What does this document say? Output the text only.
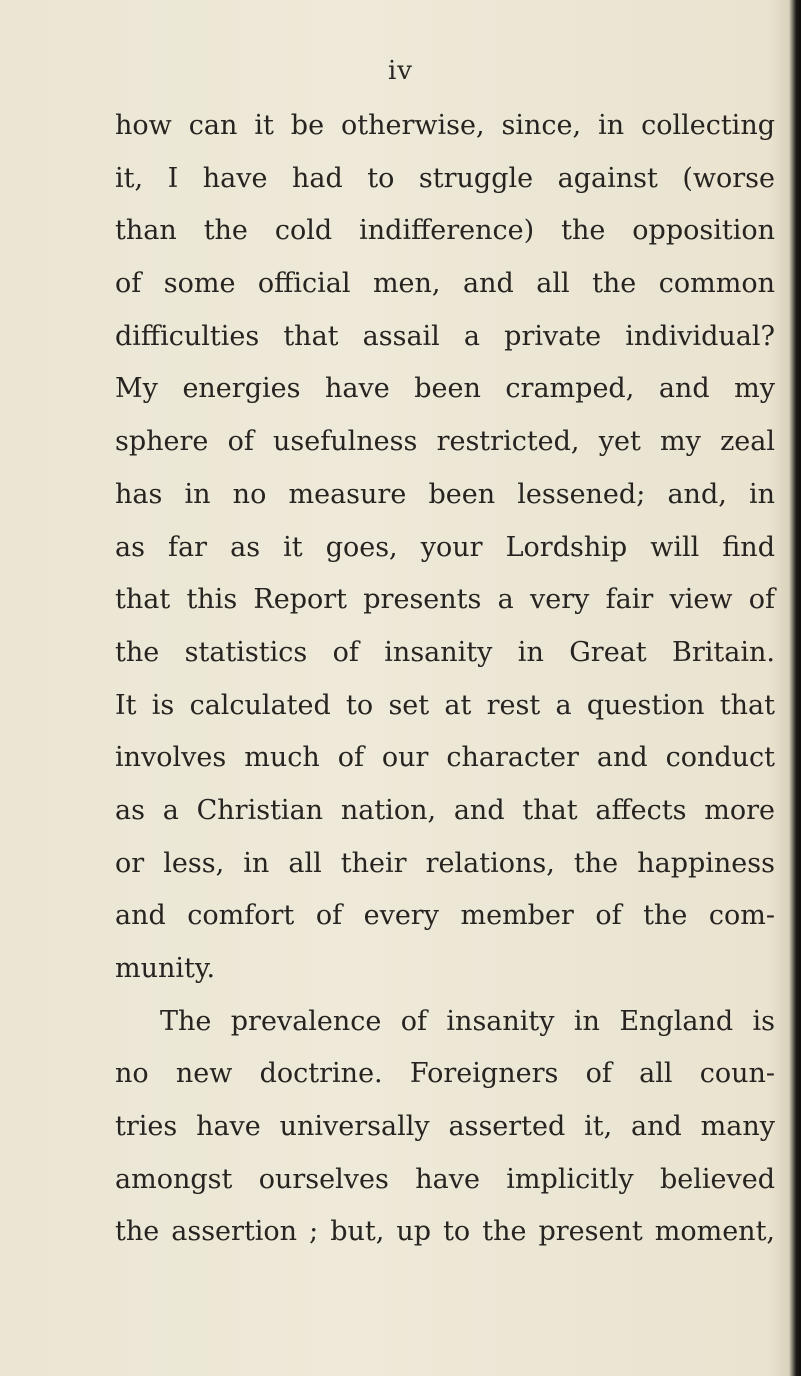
iv
how can it be otherwise, since, in collecting
it, I have had to struggle against (worse
than the cold indifference) the opposition
of some official men, and all the common
difficulties that assail a private individual?
My energies have been cramped, and my
sphere of usefulness restricted, yet my zeal
has in no measure been lessened; and, in
as far as it goes, your Lordship will find
that this Report presents a very fair view of
the statistics of insanity in Great Britain.
It is calculated to set at rest a question that
involves much of our character and conduct
as a Christian nation, and that affects more
or less, in all their relations, the happiness
and comfort of every member of the com-
munity.
The prevalence of insanity in England is
no new doctrine. Foreigners of all coun-
tries have universally asserted it, and many
amongst ourselves have implicitly believed
the assertion ; but, up to the present moment,
